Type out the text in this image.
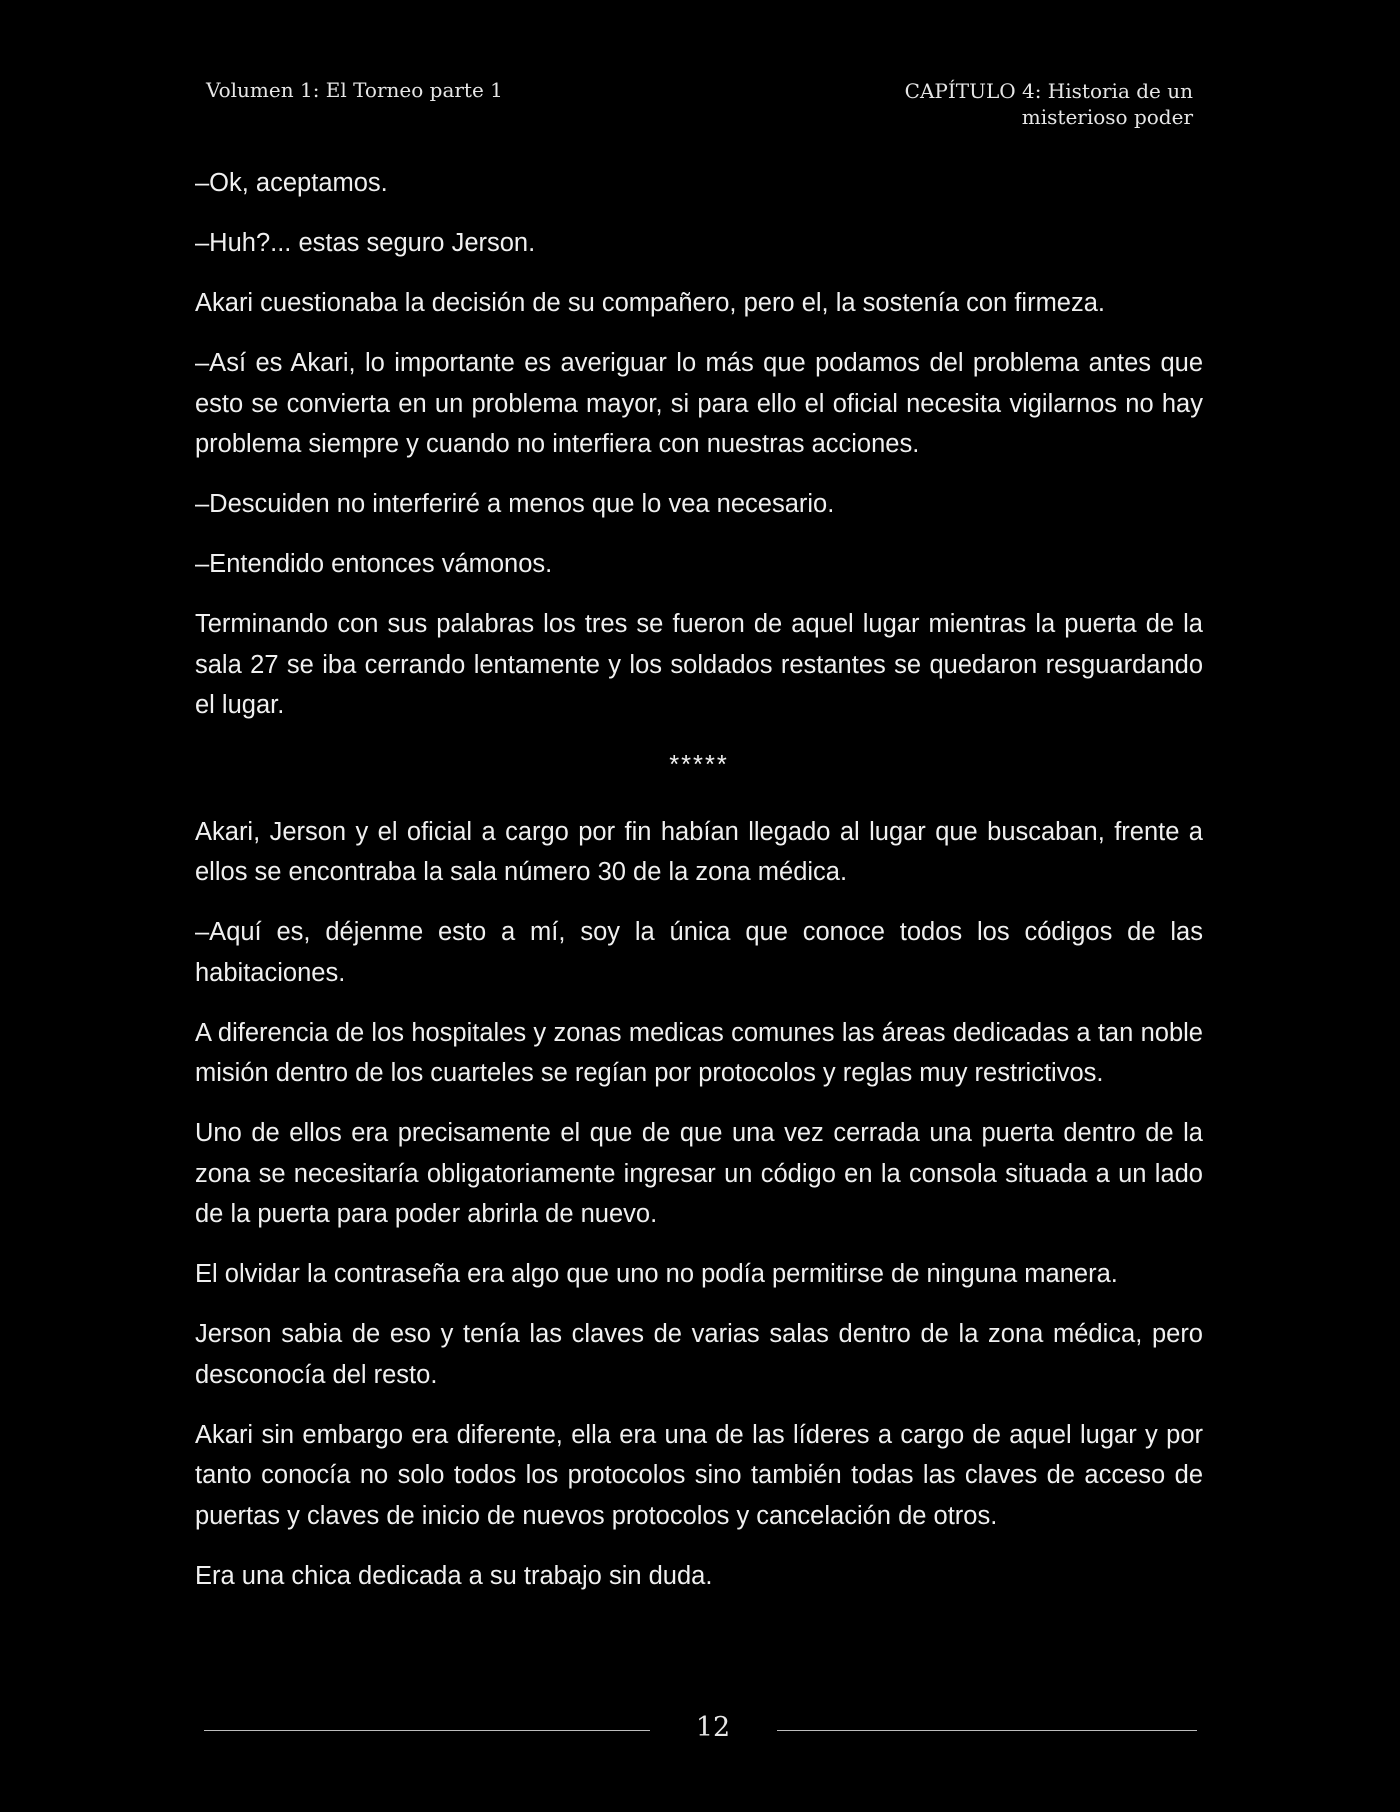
Volumen 1: El Torneo parte 1	CAPÍTULO 4: Historia de un
misterioso poder

–Ok, aceptamos.

–Huh?... estas seguro Jerson.

Akari cuestionaba la decisión de su compañero, pero el, la sostenía con firmeza.

–Así es Akari, lo importante es averiguar lo más que podamos del problema antes que esto se convierta en un problema mayor, si para ello el oficial necesita vigilarnos no hay problema siempre y cuando no interfiera con nuestras acciones.

–Descuiden no interferiré a menos que lo vea necesario.

–Entendido entonces vámonos.

Terminando con sus palabras los tres se fueron de aquel lugar mientras la puerta de la sala 27 se iba cerrando lentamente y los soldados restantes se quedaron resguardando el lugar.

*****

Akari, Jerson y el oficial a cargo por fin habían llegado al lugar que buscaban, frente a ellos se encontraba la sala número 30 de la zona médica.

–Aquí es, déjenme esto a mí, soy la única que conoce todos los códigos de las habitaciones.

A diferencia de los hospitales y zonas medicas comunes las áreas dedicadas a tan noble misión dentro de los cuarteles se regían por protocolos y reglas muy restrictivos.

Uno de ellos era precisamente el que de que una vez cerrada una puerta dentro de la zona se necesitaría obligatoriamente ingresar un código en la consola situada a un lado de la puerta para poder abrirla de nuevo.

El olvidar la contraseña era algo que uno no podía permitirse de ninguna manera.

Jerson sabia de eso y tenía las claves de varias salas dentro de la zona médica, pero desconocía del resto.

Akari sin embargo era diferente, ella era una de las líderes a cargo de aquel lugar y por tanto conocía no solo todos los protocolos sino también todas las claves de acceso de puertas y claves de inicio de nuevos protocolos y cancelación de otros.

Era una chica dedicada a su trabajo sin duda.

12
